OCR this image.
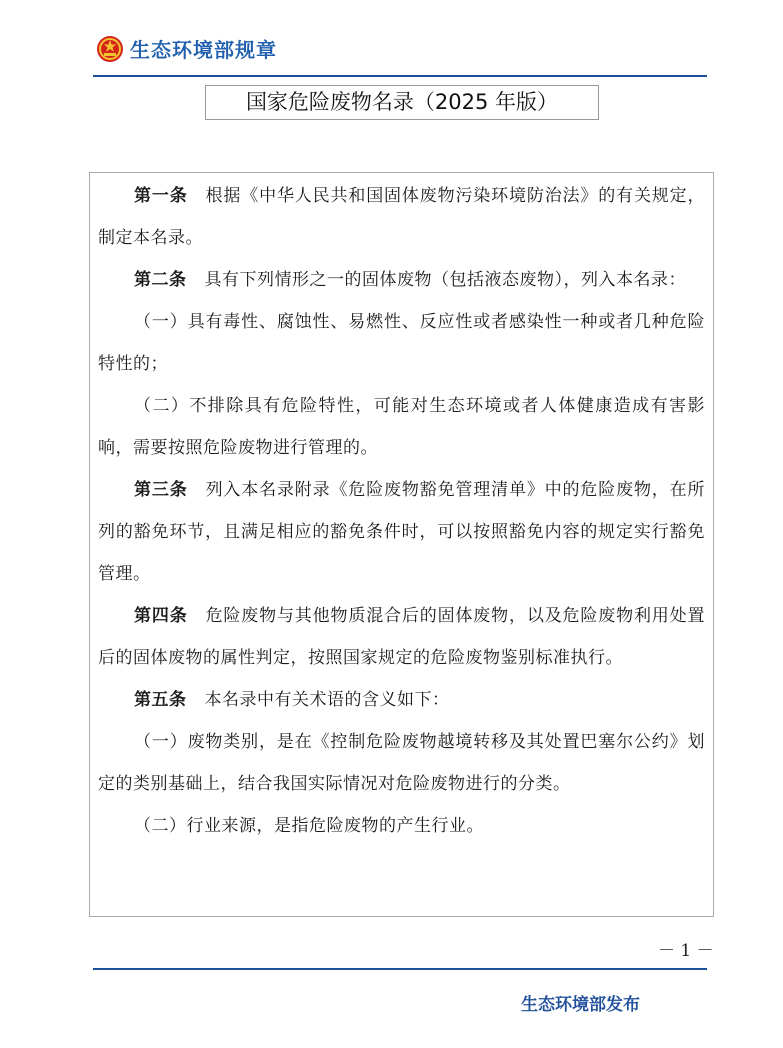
生态环境部规章
国家危险废物名录（2025 年版）

第一条 根据《中华人民共和国固体废物污染环境防治法》的有关规定，制定本名录。

第二条 具有下列情形之一的固体废物（包括液态废物），列入本名录：

（一）具有毒性、腐蚀性、易燃性、反应性或者感染性一种或者几种危险特性的；

（二）不排除具有危险特性，可能对生态环境或者人体健康造成有害影响，需要按照危险废物进行管理的。

第三条 列入本名录附录《危险废物豁免管理清单》中的危险废物，在所列的豁免环节，且满足相应的豁免条件时，可以按照豁免内容的规定实行豁免管理。

第四条 危险废物与其他物质混合后的固体废物，以及危险废物利用处置后的固体废物的属性判定，按照国家规定的危险废物鉴别标准执行。

第五条 本名录中有关术语的含义如下：

（一）废物类别，是在《控制危险废物越境转移及其处置巴塞尔公约》划定的类别基础上，结合我国实际情况对危险废物进行的分类。

（二）行业来源，是指危险废物的产生行业。

－ 1 －
生态环境部发布
